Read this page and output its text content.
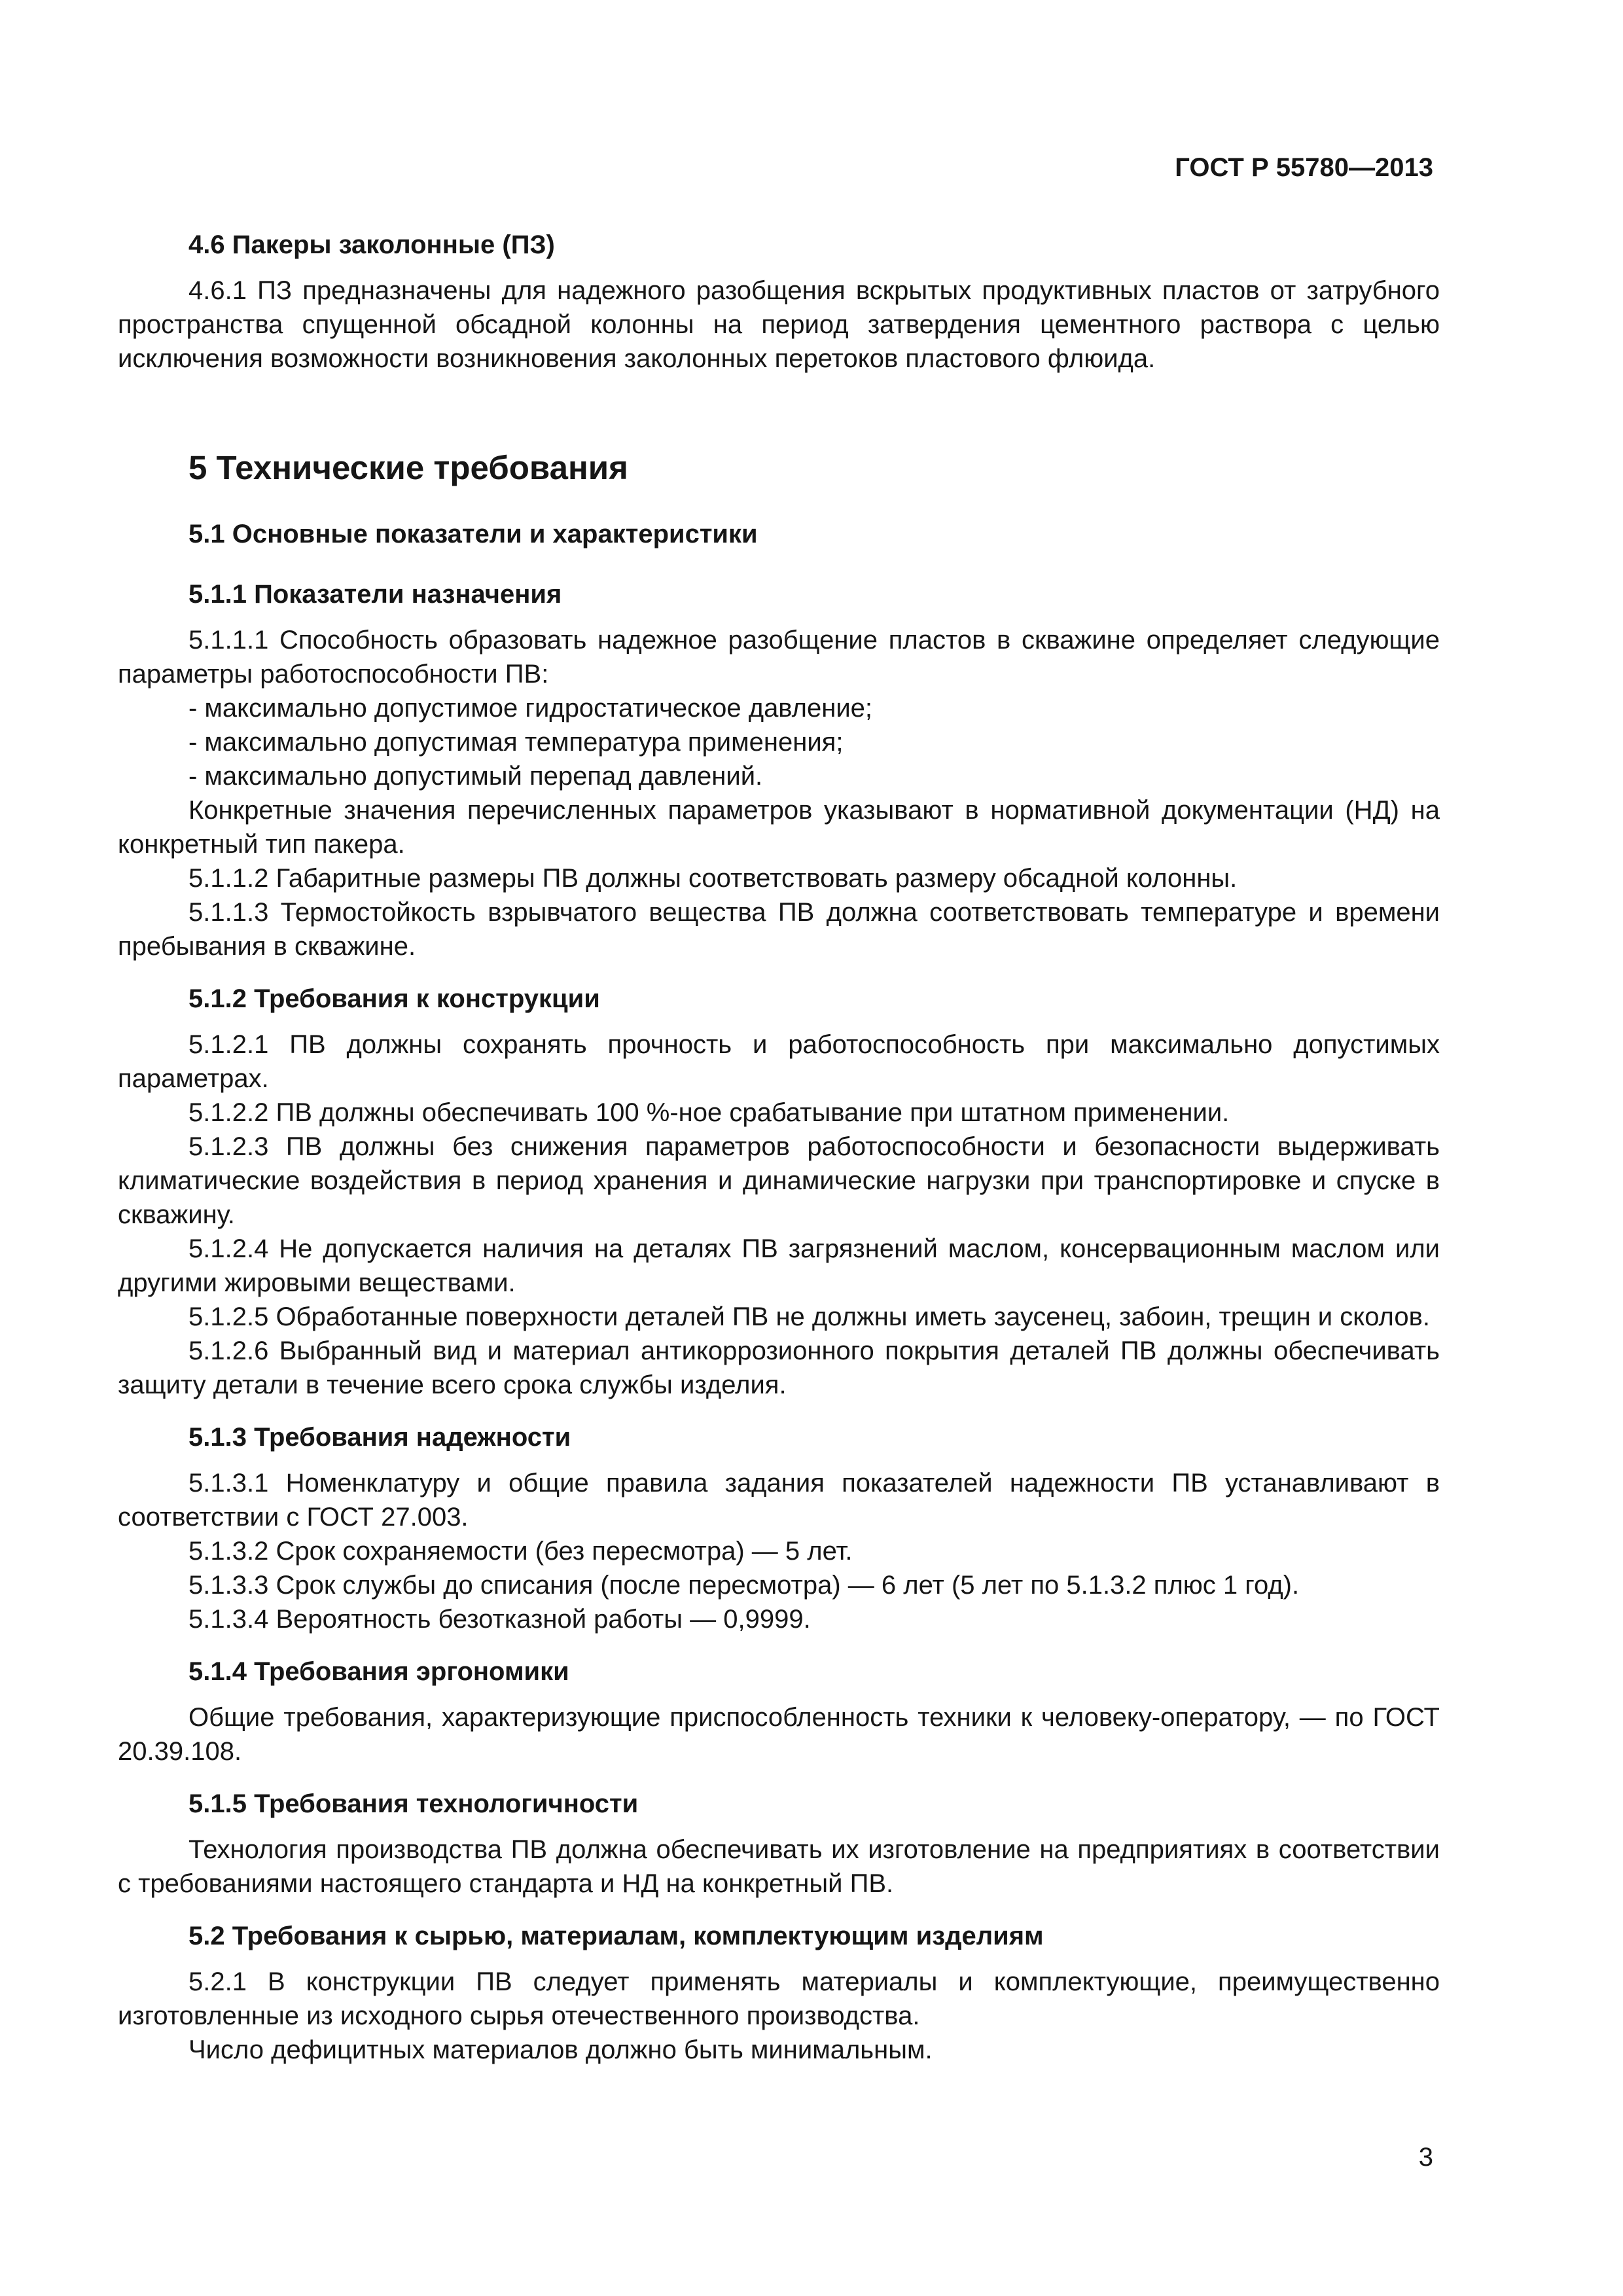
ГОСТ Р 55780—2013
4.6 Пакеры заколонные (ПЗ)

4.6.1 ПЗ предназначены для надежного разобщения вскрытых продуктивных пластов от затрубного пространства спущенной обсадной колонны на период затвердения цементного раствора с целью исключения возможности возникновения заколонных перетоков пластового флюида.

5 Технические требования
5.1 Основные показатели и характеристики
5.1.1 Показатели назначения

5.1.1.1 Способность образовать надежное разобщение пластов в скважине определяет следующие параметры работоспособности ПВ:

- максимально допустимое гидростатическое давление;

- максимально допустимая температура применения;

- максимально допустимый перепад давлений.

Конкретные значения перечисленных параметров указывают в нормативной документации (НД) на конкретный тип пакера.

5.1.1.2 Габаритные размеры ПВ должны соответствовать размеру обсадной колонны.

5.1.1.3 Термостойкость взрывчатого вещества ПВ должна соответствовать температуре и времени пребывания в скважине.

5.1.2 Требования к конструкции

5.1.2.1 ПВ должны сохранять прочность и работоспособность при максимально допустимых параметрах.

5.1.2.2 ПВ должны обеспечивать 100 %-ное срабатывание при штатном применении.

5.1.2.3 ПВ должны без снижения параметров работоспособности и безопасности выдерживать климатические воздействия в период хранения и динамические нагрузки при транспортировке и спуске в скважину.

5.1.2.4 Не допускается наличия на деталях ПВ загрязнений маслом, консервационным маслом или другими жировыми веществами.

5.1.2.5 Обработанные поверхности деталей ПВ не должны иметь заусенец, забоин, трещин и сколов.

5.1.2.6 Выбранный вид и материал антикоррозионного покрытия деталей ПВ должны обеспечивать защиту детали в течение всего срока службы изделия.

5.1.3 Требования надежности

5.1.3.1 Номенклатуру и общие правила задания показателей надежности ПВ устанавливают в соответствии с ГОСТ 27.003.

5.1.3.2 Срок сохраняемости (без пересмотра) — 5 лет.

5.1.3.3 Срок службы до списания (после пересмотра) — 6 лет (5 лет по 5.1.3.2 плюс 1 год).

5.1.3.4 Вероятность безотказной работы — 0,9999.

5.1.4 Требования эргономики

Общие требования, характеризующие приспособленность техники к человеку-оператору, — по ГОСТ 20.39.108.

5.1.5 Требования технологичности

Технология производства ПВ должна обеспечивать их изготовление на предприятиях в соответствии с требованиями настоящего стандарта и НД на конкретный ПВ.

5.2 Требования к сырью, материалам, комплектующим изделиям

5.2.1 В конструкции ПВ следует применять материалы и комплектующие, преимущественно изготовленные из исходного сырья отечественного производства.

Число дефицитных материалов должно быть минимальным.

3
